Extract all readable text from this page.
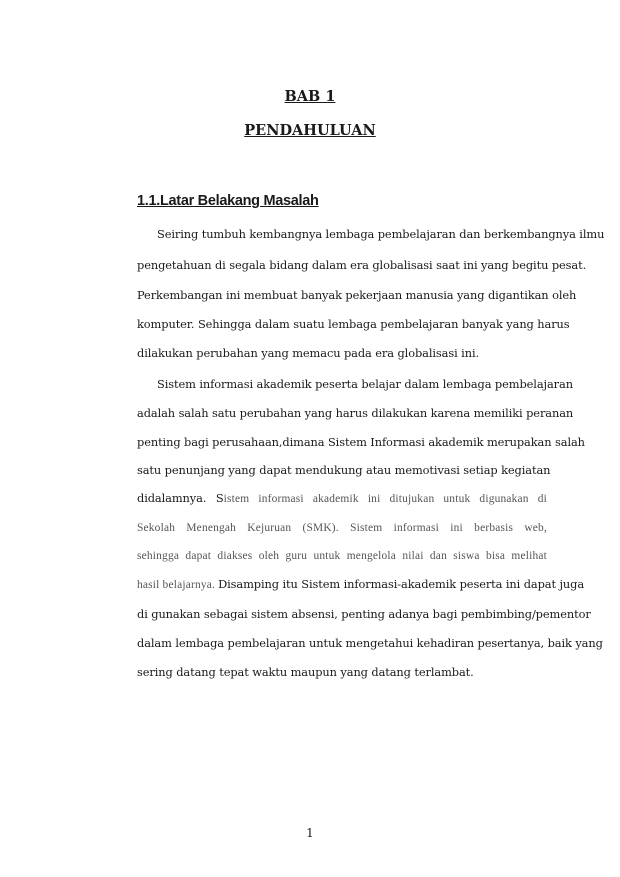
BAB 1
PENDAHULUAN
1.1.Latar Belakang Masalah
Seiring tumbuh kembangnya lembaga pembelajaran dan berkembangnya ilmu
pengetahuan di segala bidang dalam era globalisasi saat ini yang begitu pesat.
Perkembangan ini membuat banyak pekerjaan manusia yang digantikan oleh
komputer. Sehingga dalam suatu lembaga pembelajaran banyak yang harus
dilakukan perubahan yang memacu pada era globalisasi ini.
Sistem informasi akademik peserta belajar dalam lembaga pembelajaran
adalah salah satu perubahan yang harus dilakukan karena memiliki peranan
penting bagi perusahaan,dimana Sistem Informasi akademik merupakan salah
satu penunjang yang dapat mendukung atau memotivasi setiap kegiatan
didalamnya. Sistem informasi akademik ini ditujukan untuk digunakan di
Sekolah Menengah Kejuruan (SMK). Sistem informasi ini berbasis web,
sehingga dapat diakses oleh guru untuk mengelola nilai dan siswa bisa melihat
hasil belajarnya. Disamping itu Sistem informasi-akademik peserta ini dapat juga
di gunakan sebagai sistem absensi, penting adanya bagi pembimbing/pementor
dalam lembaga pembelajaran untuk mengetahui kehadiran pesertanya, baik yang
sering datang tepat waktu maupun yang datang terlambat.
1
